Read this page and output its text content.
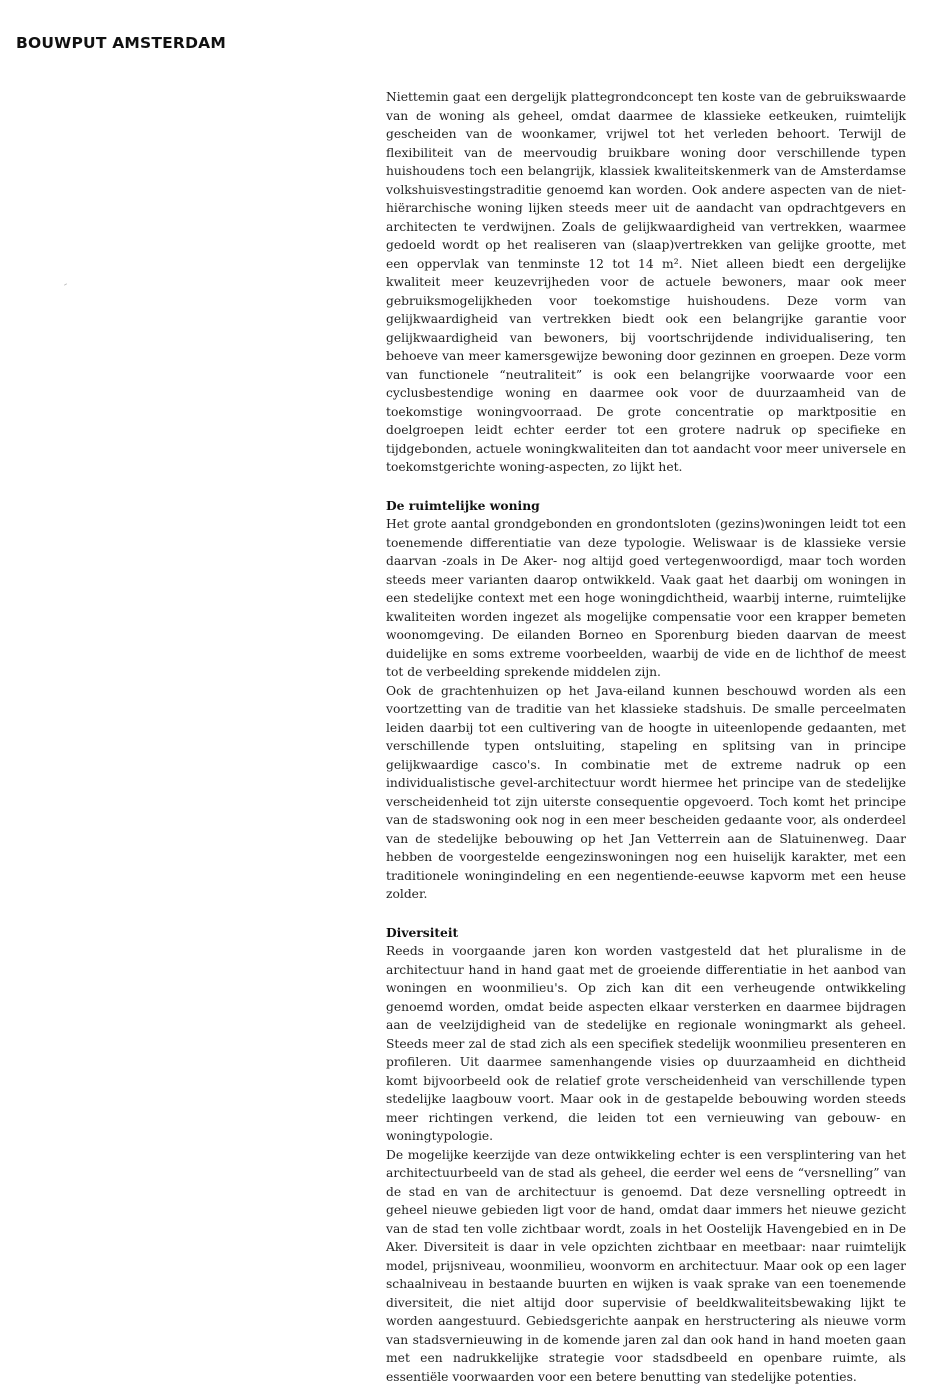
BOUWPUT AMSTERDAM

Niettemin gaat een dergelijk plattegrondconcept ten koste van de gebruikswaarde van de woning als geheel, omdat daarmee de klassieke eetkeuken, ruimtelijk gescheiden van de woonkamer, vrijwel tot het verleden behoort. Terwijl de flexibiliteit van de meervoudig bruikbare woning door verschillende typen huishoudens toch een belangrijk, klassiek kwaliteitskenmerk van de Amsterdamse volkshuisvestingstraditie genoemd kan worden. Ook andere aspecten van de niet-hiërarchische woning lijken steeds meer uit de aandacht van opdrachtgevers en architecten te verdwijnen. Zoals de gelijkwaardigheid van vertrekken, waarmee gedoeld wordt op het realiseren van (slaap)vertrekken van gelijke grootte, met een oppervlak van tenminste 12 tot 14 m². Niet alleen biedt een dergelijke kwaliteit meer keuzevrijheden voor de actuele bewoners, maar ook meer gebruiksmogelijkheden voor toekomstige huishoudens. Deze vorm van gelijkwaardigheid van vertrekken biedt ook een belangrijke garantie voor gelijkwaardigheid van bewoners, bij voortschrijdende individualisering, ten behoeve van meer kamersgewijze bewoning door gezinnen en groepen. Deze vorm van functionele “neutraliteit” is ook een belangrijke voorwaarde voor een cyclusbestendige woning en daarmee ook voor de duurzaamheid van de toekomstige woningvoorraad. De grote concentratie op marktpositie en doelgroepen leidt echter eerder tot een grotere nadruk op specifieke en tijdgebonden, actuele woningkwaliteiten dan tot aandacht voor meer universele en toekomstgerichte woning-aspecten, zo lijkt het.

De ruimtelijke woning

Het grote aantal grondgebonden en grondontsloten (gezins)woningen leidt tot een toenemende differentiatie van deze typologie. Weliswaar is de klassieke versie daarvan -zoals in De Aker- nog altijd goed vertegenwoordigd, maar toch worden steeds meer varianten daarop ontwikkeld. Vaak gaat het daarbij om woningen in een stedelijke context met een hoge woningdichtheid, waarbij interne, ruimtelijke kwaliteiten worden ingezet als mogelijke compensatie voor een krapper bemeten woonomgeving. De eilanden Borneo en Sporenburg bieden daarvan de meest duidelijke en soms extreme voorbeelden, waarbij de vide en de lichthof de meest tot de verbeelding sprekende middelen zijn.

Ook de grachtenhuizen op het Java-eiland kunnen beschouwd worden als een voortzetting van de traditie van het klassieke stadshuis. De smalle perceelmaten leiden daarbij tot een cultivering van de hoogte in uiteenlopende gedaanten, met verschillende typen ontsluiting, stapeling en splitsing van in principe gelijkwaardige casco's. In combinatie met de extreme nadruk op een individualistische gevel-architectuur wordt hiermee het principe van de stedelijke verscheidenheid tot zijn uiterste consequentie opgevoerd. Toch komt het principe van de stadswoning ook nog in een meer bescheiden gedaante voor, als onderdeel van de stedelijke bebouwing op het Jan Vetterrein aan de Slatuinenweg. Daar hebben de voorgestelde eengezinswoningen nog een huiselijk karakter, met een traditionele woningindeling en een negentiende-eeuwse kapvorm met een heuse zolder.

Diversiteit

Reeds in voorgaande jaren kon worden vastgesteld dat het pluralisme in de architectuur hand in hand gaat met de groeiende differentiatie in het aanbod van woningen en woonmilieu's. Op zich kan dit een verheugende ontwikkeling genoemd worden, omdat beide aspecten elkaar versterken en daarmee bijdragen aan de veelzijdigheid van de stedelijke en regionale woningmarkt als geheel. Steeds meer zal de stad zich als een specifiek stedelijk woonmilieu presenteren en profileren. Uit daarmee samenhangende visies op duurzaamheid en dichtheid komt bijvoorbeeld ook de relatief grote verscheidenheid van verschillende typen stedelijke laagbouw voort. Maar ook in de gestapelde bebouwing worden steeds meer richtingen verkend, die leiden tot een vernieuwing van gebouw- en woningtypologie.

De mogelijke keerzijde van deze ontwikkeling echter is een versplintering van het architectuurbeeld van de stad als geheel, die eerder wel eens de “versnelling” van de stad en van de architectuur is genoemd. Dat deze versnelling optreedt in geheel nieuwe gebieden ligt voor de hand, omdat daar immers het nieuwe gezicht van de stad ten volle zichtbaar wordt, zoals in het Oostelijk Havengebied en in De Aker. Diversiteit is daar in vele opzichten zichtbaar en meetbaar: naar ruimtelijk model, prijsniveau, woonmilieu, woonvorm en architectuur. Maar ook op een lager schaalniveau in bestaande buurten en wijken is vaak sprake van een toenemende diversiteit, die niet altijd door supervisie of beeldkwaliteitsbewaking lijkt te worden aangestuurd. Gebiedsgerichte aanpak en herstructering als nieuwe vorm van stadsvernieuwing in de komende jaren zal dan ook hand in hand moeten gaan met een nadrukkelijke strategie voor stadsdbeeld en openbare ruimte, als essentiële voorwaarden voor een betere benutting van stedelijke potenties.
